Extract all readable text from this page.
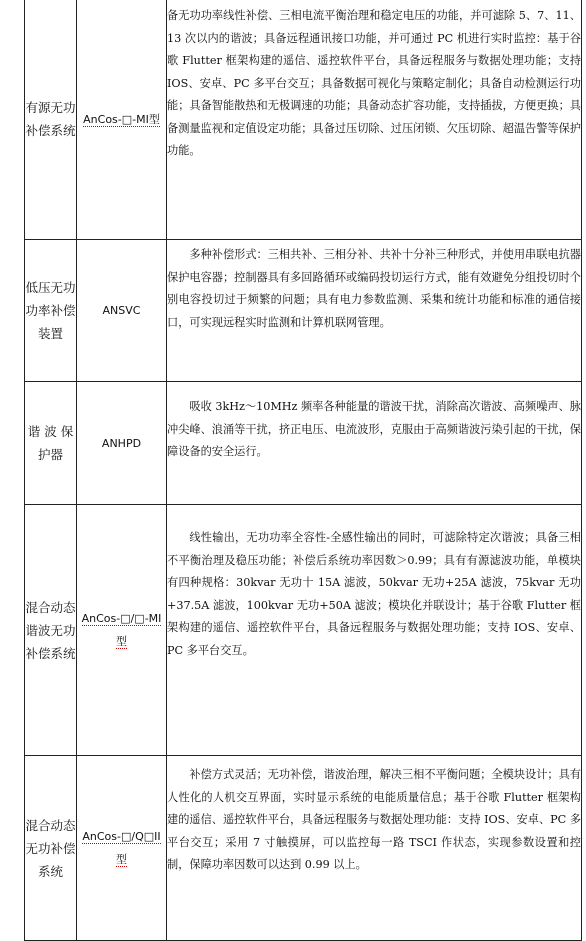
有源无功补偿系统	AnCos-□-MI型	备无功功率线性补偿、三相电流平衡治理和稳定电压的功能，并可滤除 5、7、11、13 次以内的谐波；具备远程通讯接口功能，并可通过 PC 机进行实时监控：基于谷歌 Flutter 框架构建的遥信、遥控软件平台，具备远程服务与数据处理功能；支持 IOS、安卓、PC 多平台交互；具备数据可视化与策略定制化；具备自动检测运行功能；具备智能散热和无极调速的功能；具备动态扩容功能，支持插拔，方便更换；具备测量监视和定值设定功能；具备过压切除、过压闭锁、欠压切除、超温告警等保护功能。

低压无功功率补偿装置	ANSVC	多种补偿形式：三相共补、三相分补、共补十分补三种形式，并使用串联电抗器保护电容器；控制器具有多回路循环或编码投切运行方式，能有效避免分组投切时个别电容投切过于频繁的问题；具有电力参数监测、采集和统计功能和标准的通信接口，可实现远程实时监测和计算机联网管理。

谐 波 保 护器	ANHPD	吸收 3kHz～10MHz 频率各种能量的谐波干扰，消除高次谐波、高频噪声、脉冲尖峰、浪涌等干扰，挤正电压、电流波形，克服由于高频谐波污染引起的干扰，保障设备的安全运行。

混合动态谐波无功补偿系统	AnCos-□/□-MI型	线性输出，无功功率全容性-全感性输出的同时，可滤除特定次谐波；具备三相不平衡治理及稳压功能；补偿后系统功率因数＞0.99；具有有源滤波功能，单模块有四种规格：30kvar 无功十 15A 滤波，50kvar 无功+25A 滤波，75kvar 无功+37.5A 滤波，100kvar 无功+50A 滤波；模块化并联设计；基于谷歌 Flutter 框架构建的遥信、遥控软件平台，具备远程服务与数据处理功能；支持 IOS、安卓、PC 多平台交互。

混合动态无功补偿系统	AnCos-□/Q□II型	补偿方式灵活；无功补偿，谐波治理，解决三相不平衡问题；全模块设计；具有人性化的人机交互界面，实时显示系统的电能质量信息；基于谷歌 Flutter 框架构建的遥信、遥控软件平台，具备远程服务与数据处理功能：支持 IOS、安卓、PC 多平台交互；采用 7 寸触摸屏，可以监控每一路 TSCI 作状态，实现参数设置和控制，保障功率因数可以达到 0.99 以上。
